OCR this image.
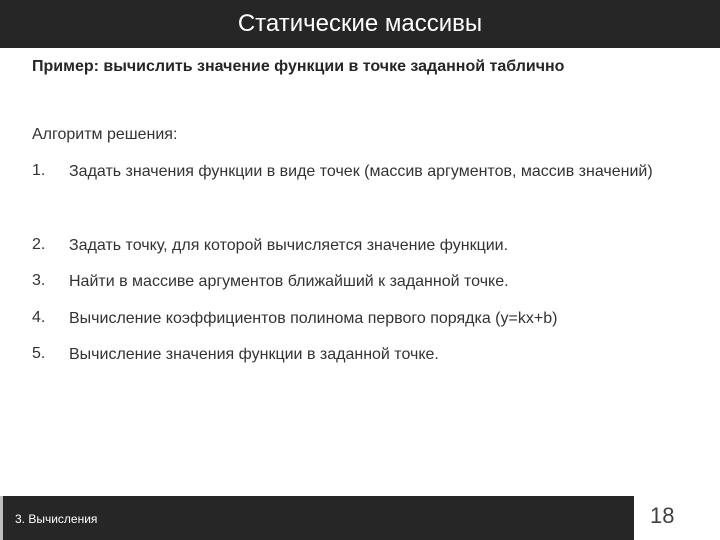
Статические массивы
Пример: вычислить значение функции в точке заданной таблично
Алгоритм решения:
1. Задать значения функции в виде точек (массив аргументов, массив значений)
2. Задать точку, для которой вычисляется значение функции.
3. Найти в массиве аргументов ближайший к заданной точке.
4. Вычисление коэффициентов полинома первого порядка (y=kx+b)
5. Вычисление значения функции в заданной точке.
3. Вычисления	18
